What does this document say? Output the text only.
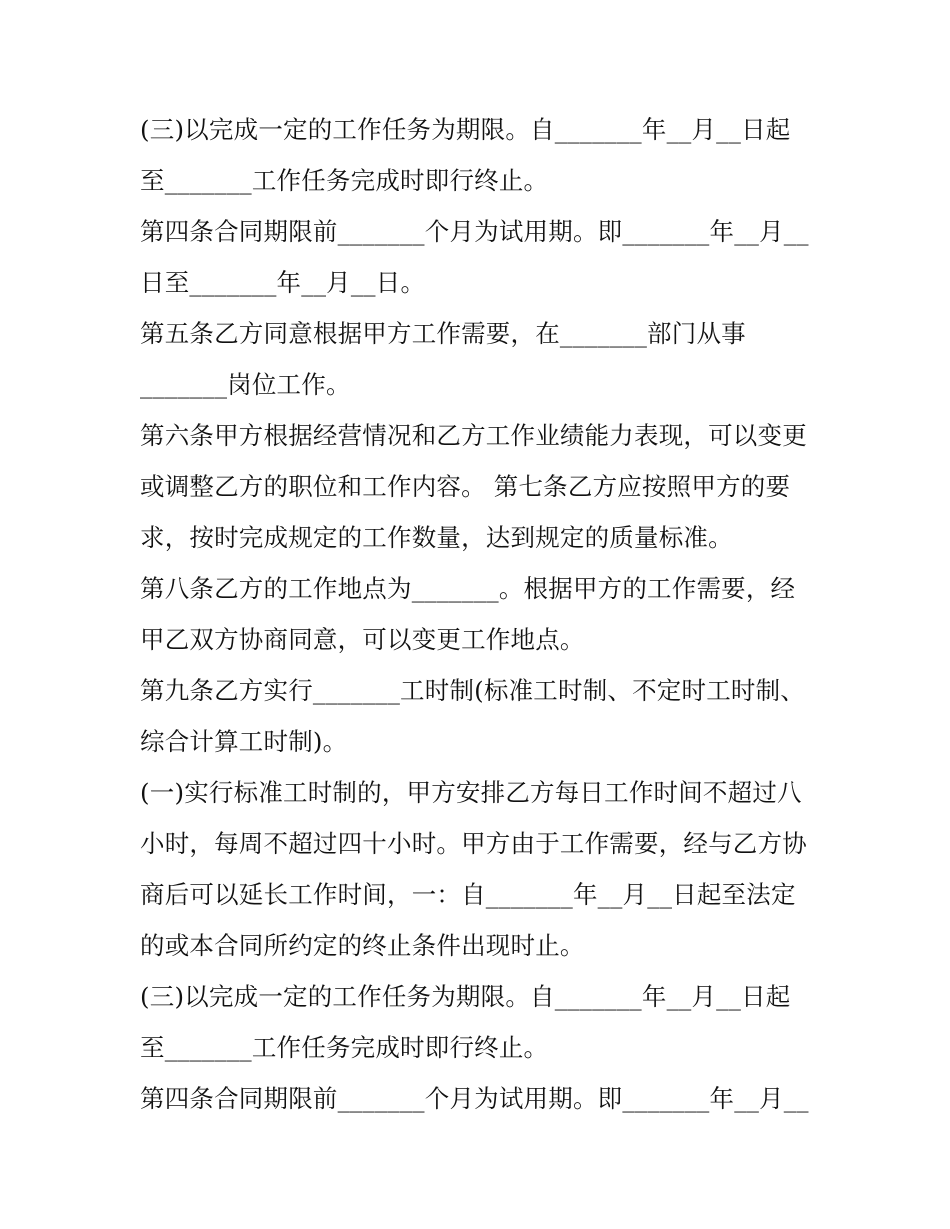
(三)以完成一定的工作任务为期限。自_______年__月__日起
至_______工作任务完成时即行终止。
第四条合同期限前_______个月为试用期。即_______年__月__
日至_______年__月__日。
第五条乙方同意根据甲方工作需要，在_______部门从事
_______岗位工作。
第六条甲方根据经营情况和乙方工作业绩能力表现，可以变更
或调整乙方的职位和工作内容。 第七条乙方应按照甲方的要
求，按时完成规定的工作数量，达到规定的质量标准。
第八条乙方的工作地点为_______。根据甲方的工作需要，经
甲乙双方协商同意，可以变更工作地点。
第九条乙方实行_______工时制(标准工时制、不定时工时制、
综合计算工时制)。
(一)实行标准工时制的，甲方安排乙方每日工作时间不超过八
小时，每周不超过四十小时。甲方由于工作需要，经与乙方协
商后可以延长工作时间，一：自_______年__月__日起至法定
的或本合同所约定的终止条件出现时止。
(三)以完成一定的工作任务为期限。自_______年__月__日起
至_______工作任务完成时即行终止。
第四条合同期限前_______个月为试用期。即_______年__月__
